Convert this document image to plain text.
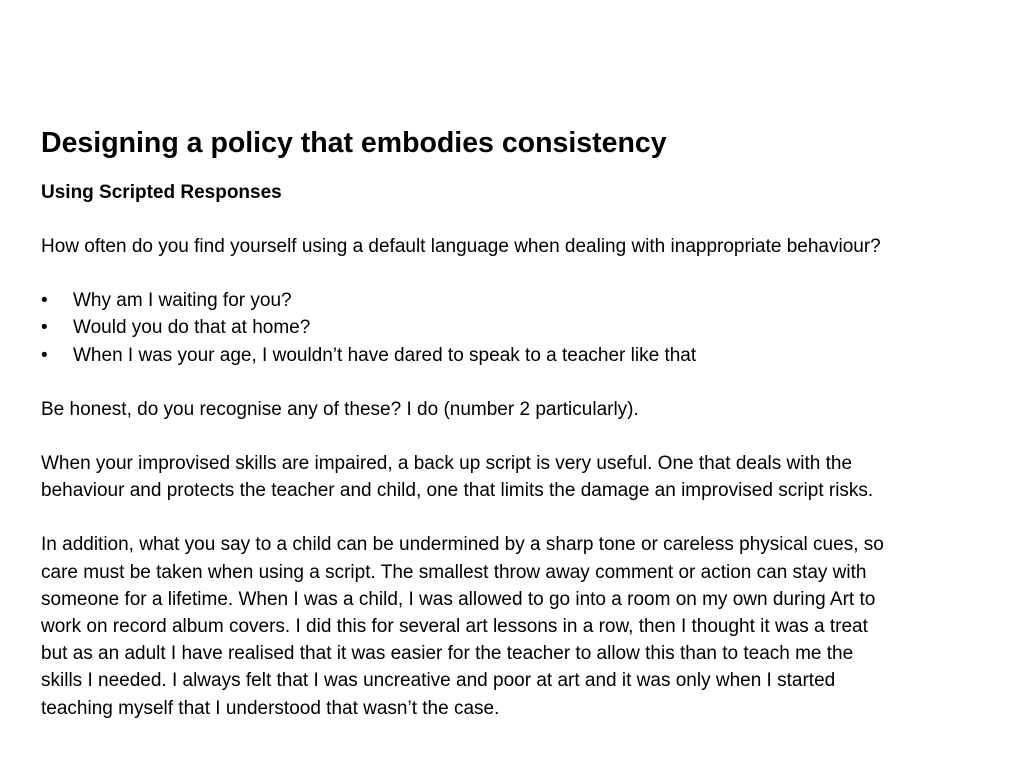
Designing a policy that embodies consistency
Using Scripted Responses
How often do you find yourself using a default language when dealing with inappropriate behaviour?
• Why am I waiting for you?
• Would you do that at home?
• When I was your age, I wouldn’t have dared to speak to a teacher like that
Be honest, do you recognise any of these? I do (number 2 particularly).
When your improvised skills are impaired, a back up script is very useful. One that deals with the
behaviour and protects the teacher and child, one that limits the damage an improvised script risks.
In addition, what you say to a child can be undermined by a sharp tone or careless physical cues, so
care must be taken when using a script. The smallest throw away comment or action can stay with
someone for a lifetime. When I was a child, I was allowed to go into a room on my own during Art to
work on record album covers. I did this for several art lessons in a row, then I thought it was a treat
but as an adult I have realised that it was easier for the teacher to allow this than to teach me the
skills I needed. I always felt that I was uncreative and poor at art and it was only when I started
teaching myself that I understood that wasn’t the case.
